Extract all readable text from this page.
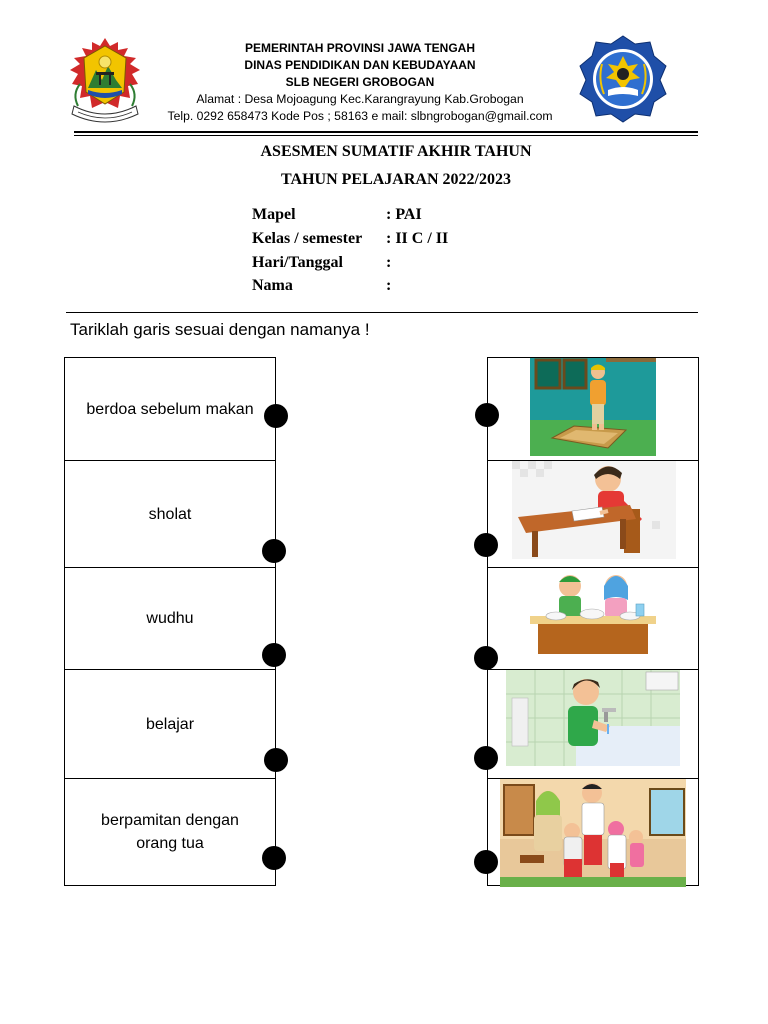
PEMERINTAH PROVINSI JAWA TENGAH
DINAS PENDIDIKAN DAN KEBUDAYAAN
SLB NEGERI GROBOGAN
Alamat : Desa Mojoagung Kec.Karangrayung Kab.Grobogan
Telp. 0292 658473 Kode Pos ; 58163 e mail: slbngrobogan@gmail.com
ASESMEN SUMATIF AKHIR TAHUN
TAHUN PELAJARAN 2022/2023
Mapel	: PAI
Kelas / semester : II C / II
Hari/Tanggal	:
Nama	:
Tariklah garis sesuai dengan namanya !
berdoa sebelum makan
sholat
wudhu
belajar
berpamitan dengan orang tua
